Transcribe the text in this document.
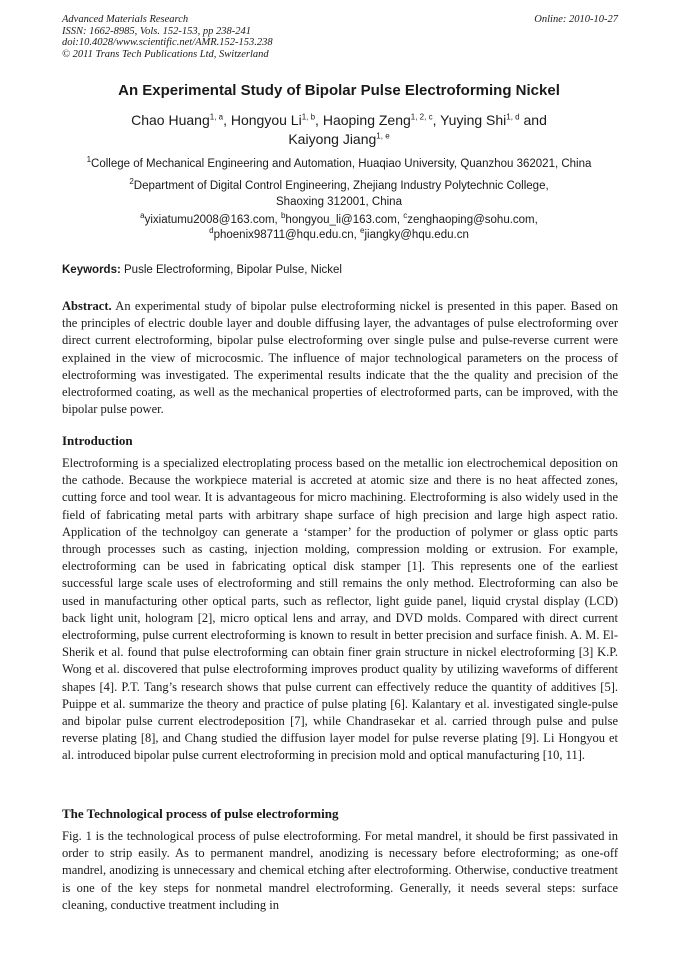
Advanced Materials Research
ISSN: 1662-8985, Vols. 152-153, pp 238-241
doi:10.4028/www.scientific.net/AMR.152-153.238
© 2011 Trans Tech Publications Ltd, Switzerland
Online: 2010-10-27
An Experimental Study of Bipolar Pulse Electroforming Nickel
Chao Huang$^{1, a}$, Hongyou Li$^{1, b}$, Haoping Zeng$^{1, 2, c}$, Yuying Shi$^{1, d}$ and
Kaiyong Jiang$^{1, e}$
$^1$College of Mechanical Engineering and Automation, Huaqiao University, Quanzhou 362021, China
$^2$Department of Digital Control Engineering, Zhejiang Industry Polytechnic College,
Shaoxing 312001, China
$^a$yixiatumu2008@163.com, $^b$hongyou_li@163.com, $^c$zenghaoping@sohu.com,
$^d$phoenix98711@hqu.edu.cn, $^e$jiangky@hqu.edu.cn
Keywords: Pusle Electroforming, Bipolar Pulse, Nickel
Abstract. An experimental study of bipolar pulse electroforming nickel is presented in this paper. Based on the principles of electric double layer and double diffusing layer, the advantages of pulse electroforming over direct current electroforming, bipolar pulse electroforming over single pulse and pulse-reverse current were explained in the view of microcosmic. The influence of major technological parameters on the process of electroforming was investigated. The experimental results indicate that the the quality and precision of the electroformed coating, as well as the mechanical properties of electroformed parts, can be improved, with the bipolar pulse power.
Introduction
Electroforming is a specialized electroplating process based on the metallic ion electrochemical deposition on the cathode. Because the workpiece material is accreted at atomic size and there is no heat affected zones, cutting force and tool wear. It is advantageous for micro machining. Electroforming is also widely used in the field of fabricating metal parts with arbitrary shape surface of high precision and large high aspect ratio. Application of the technolgoy can generate a ‘stamper’ for the production of polymer or glass optic parts through processes such as casting, injection molding, compression molding or extrusion. For example, electroforming can be used in fabricating optical disk stamper [1]. This represents one of the earliest successful large scale uses of electroforming and still remains the only method. Electroforming can also be used in manufacturing other optical parts, such as reflector, light guide panel, liquid crystal display (LCD) back light unit, hologram [2], micro optical lens and array, and DVD molds. Compared with direct current electroforming, pulse current electroforming is known to result in better precision and surface finish. A. M. El-Sherik et al. found that pulse electroforming can obtain finer grain structure in nickel electroforming [3] K.P. Wong et al. discovered that pulse electroforming improves product quality by utilizing waveforms of different shapes [4]. P.T. Tang’s research shows that pulse current can effectively reduce the quantity of additives [5]. Puippe et al. summarize the theory and practice of pulse plating [6]. Kalantary et al. investigated single-pulse and bipolar pulse current electrodeposition [7], while Chandrasekar et al. carried through pulse and pulse reverse plating [8], and Chang studied the diffusion layer model for pulse reverse plating [9]. Li Hongyou et al. introduced bipolar pulse current electroforming in precision mold and optical manufacturing [10, 11].
The Technological process of pulse electroforming
Fig. 1 is the technological process of pulse electroforming. For metal mandrel, it should be first passivated in order to strip easily. As to permanent mandrel, anodizing is necessary before electroforming; as one-off mandrel, anodizing is unnecessary and chemical etching after electroforming. Otherwise, conductive treatment is one of the key steps for nonmetal mandrel electroforming. Generally, it needs several steps: surface cleaning, conductive treatment including in
